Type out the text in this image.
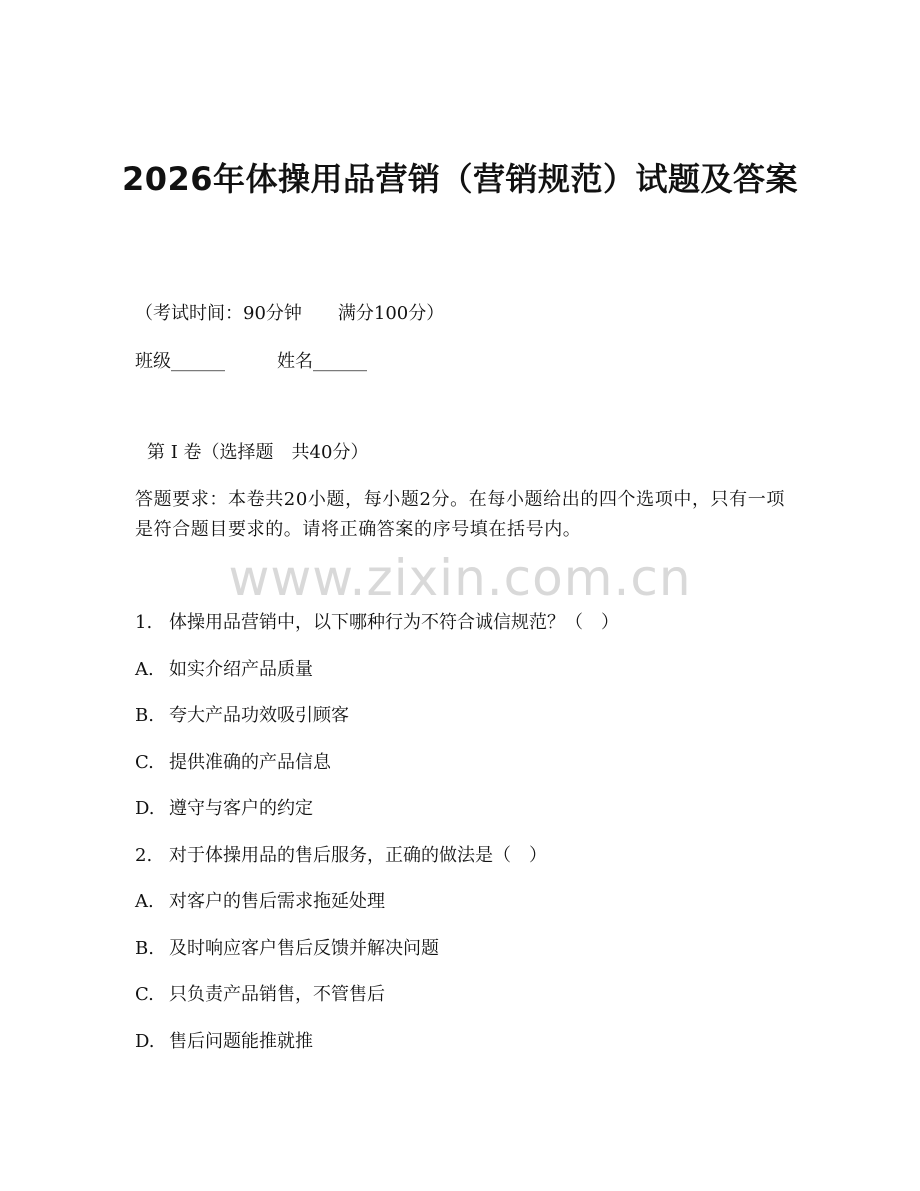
2026年体操用品营销（营销规范）试题及答案
（考试时间：90分钟　　满分100分）
班级______	姓名______
第 I 卷（选择题　共40分）
答题要求：本卷共20小题，每小题2分。在每小题给出的四个选项中，只有一项是符合题目要求的。请将正确答案的序号填在括号内。
www.zixin.com.cn
1. 体操用品营销中，以下哪种行为不符合诚信规范？（　）
A. 如实介绍产品质量
B. 夸大产品功效吸引顾客
C. 提供准确的产品信息
D. 遵守与客户的约定
2. 对于体操用品的售后服务，正确的做法是（　）
A. 对客户的售后需求拖延处理
B. 及时响应客户售后反馈并解决问题
C. 只负责产品销售，不管售后
D. 售后问题能推就推
